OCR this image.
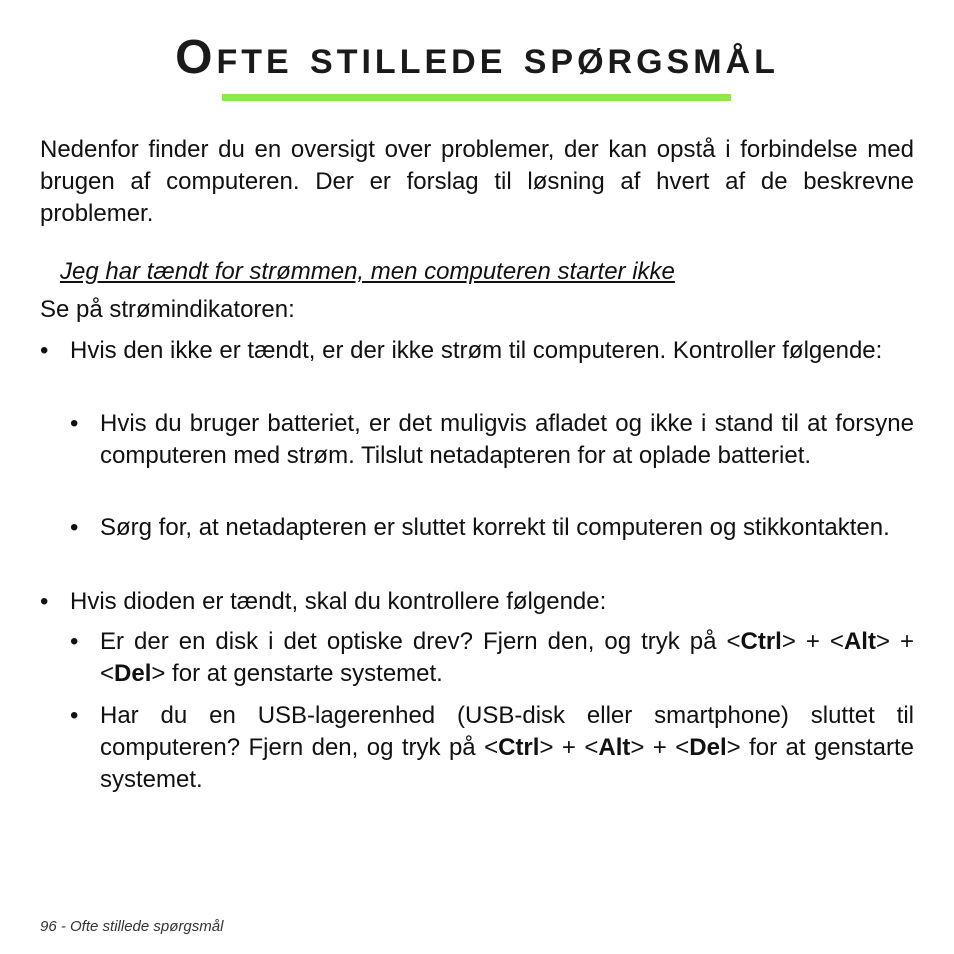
Ofte stillede spørgsmål

Nedenfor finder du en oversigt over problemer, der kan opstå i forbindelse med brugen af computeren. Der er forslag til løsning af hvert af de beskrevne problemer.

Jeg har tændt for strømmen, men computeren starter ikke
Se på strømindikatoren:
• Hvis den ikke er tændt, er der ikke strøm til computeren. Kontroller følgende:
• Hvis du bruger batteriet, er det muligvis afladet og ikke i stand til at forsyne computeren med strøm. Tilslut netadapteren for at oplade batteriet.
• Sørg for, at netadapteren er sluttet korrekt til computeren og stikkontakten.
• Hvis dioden er tændt, skal du kontrollere følgende:
• Er der en disk i det optiske drev? Fjern den, og tryk på <Ctrl> + <Alt> + <Del> for at genstarte systemet.
• Har du en USB-lagerenhed (USB-disk eller smartphone) sluttet til computeren? Fjern den, og tryk på <Ctrl> + <Alt> + <Del> for at genstarte systemet.
96 - Ofte stillede spørgsmål
